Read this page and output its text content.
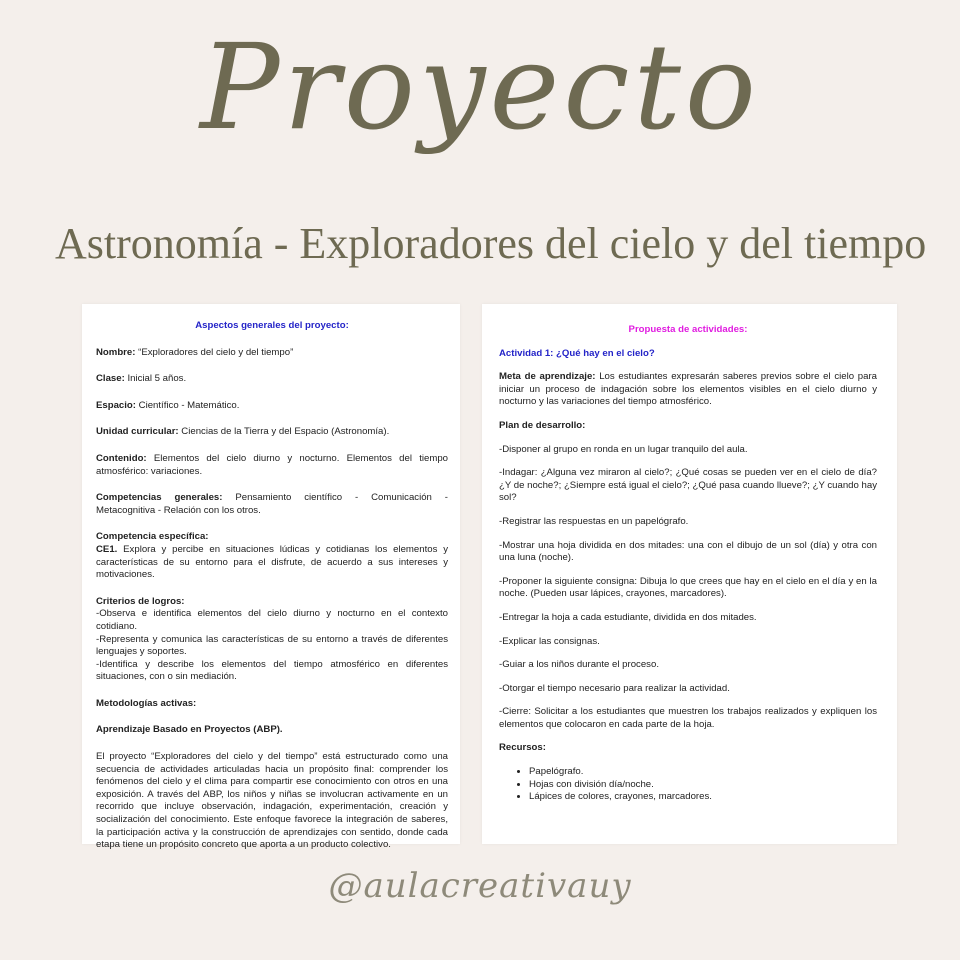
Proyecto
Astronomía - Exploradores del cielo y del tiempo

Aspectos generales del proyecto:

Nombre: “Exploradores del cielo y del tiempo”

Clase: Inicial 5 años.

Espacio: Científico - Matemático.

Unidad curricular: Ciencias de la Tierra y del Espacio (Astronomía).

Contenido: Elementos del cielo diurno y nocturno. Elementos del tiempo atmosférico: variaciones.

Competencias generales: Pensamiento científico - Comunicación - Metacognitiva - Relación con los otros.

Competencia específica:

CE1. Explora y percibe en situaciones lúdicas y cotidianas los elementos y características de su entorno para el disfrute, de acuerdo a sus intereses y motivaciones.

Criterios de logros:

-Observa e identifica elementos del cielo diurno y nocturno en el contexto cotidiano.

-Representa y comunica las características de su entorno a través de diferentes lenguajes y soportes.

-Identifica y describe los elementos del tiempo atmosférico en diferentes situaciones, con o sin mediación.

Metodologías activas:

Aprendizaje Basado en Proyectos (ABP).

El proyecto “Exploradores del cielo y del tiempo” está estructurado como una secuencia de actividades articuladas hacia un propósito final: comprender los fenómenos del cielo y el clima para compartir ese conocimiento con otros en una exposición. A través del ABP, los niños y niñas se involucran activamente en un recorrido que incluye observación, indagación, experimentación, creación y socialización del conocimiento. Este enfoque favorece la integración de saberes, la participación activa y la construcción de aprendizajes con sentido, donde cada etapa tiene un propósito concreto que aporta a un producto colectivo.

Propuesta de actividades:

Actividad 1: ¿Qué hay en el cielo?

Meta de aprendizaje: Los estudiantes expresarán saberes previos sobre el cielo para iniciar un proceso de indagación sobre los elementos visibles en el cielo diurno y nocturno y las variaciones del tiempo atmosférico.

Plan de desarrollo:

-Disponer al grupo en ronda en un lugar tranquilo del aula.

-Indagar: ¿Alguna vez miraron al cielo?; ¿Qué cosas se pueden ver en el cielo de día? ¿Y de noche?; ¿Siempre está igual el cielo?; ¿Qué pasa cuando llueve?; ¿Y cuando hay sol?

-Registrar las respuestas en un papelógrafo.

-Mostrar una hoja dividida en dos mitades: una con el dibujo de un sol (día) y otra con una luna (noche).

-Proponer la siguiente consigna: Dibuja lo que crees que hay en el cielo en el día y en la noche. (Pueden usar lápices, crayones, marcadores).

-Entregar la hoja a cada estudiante, dividida en dos mitades.

-Explicar las consignas.

-Guiar a los niños durante el proceso.

-Otorgar el tiempo necesario para realizar la actividad.

-Cierre: Solicitar a los estudiantes que muestren los trabajos realizados y expliquen los elementos que colocaron en cada parte de la hoja.

Recursos:

• Papelógrafo.
• Hojas con división día/noche.
• Lápices de colores, crayones, marcadores.
@aulacreativauy
